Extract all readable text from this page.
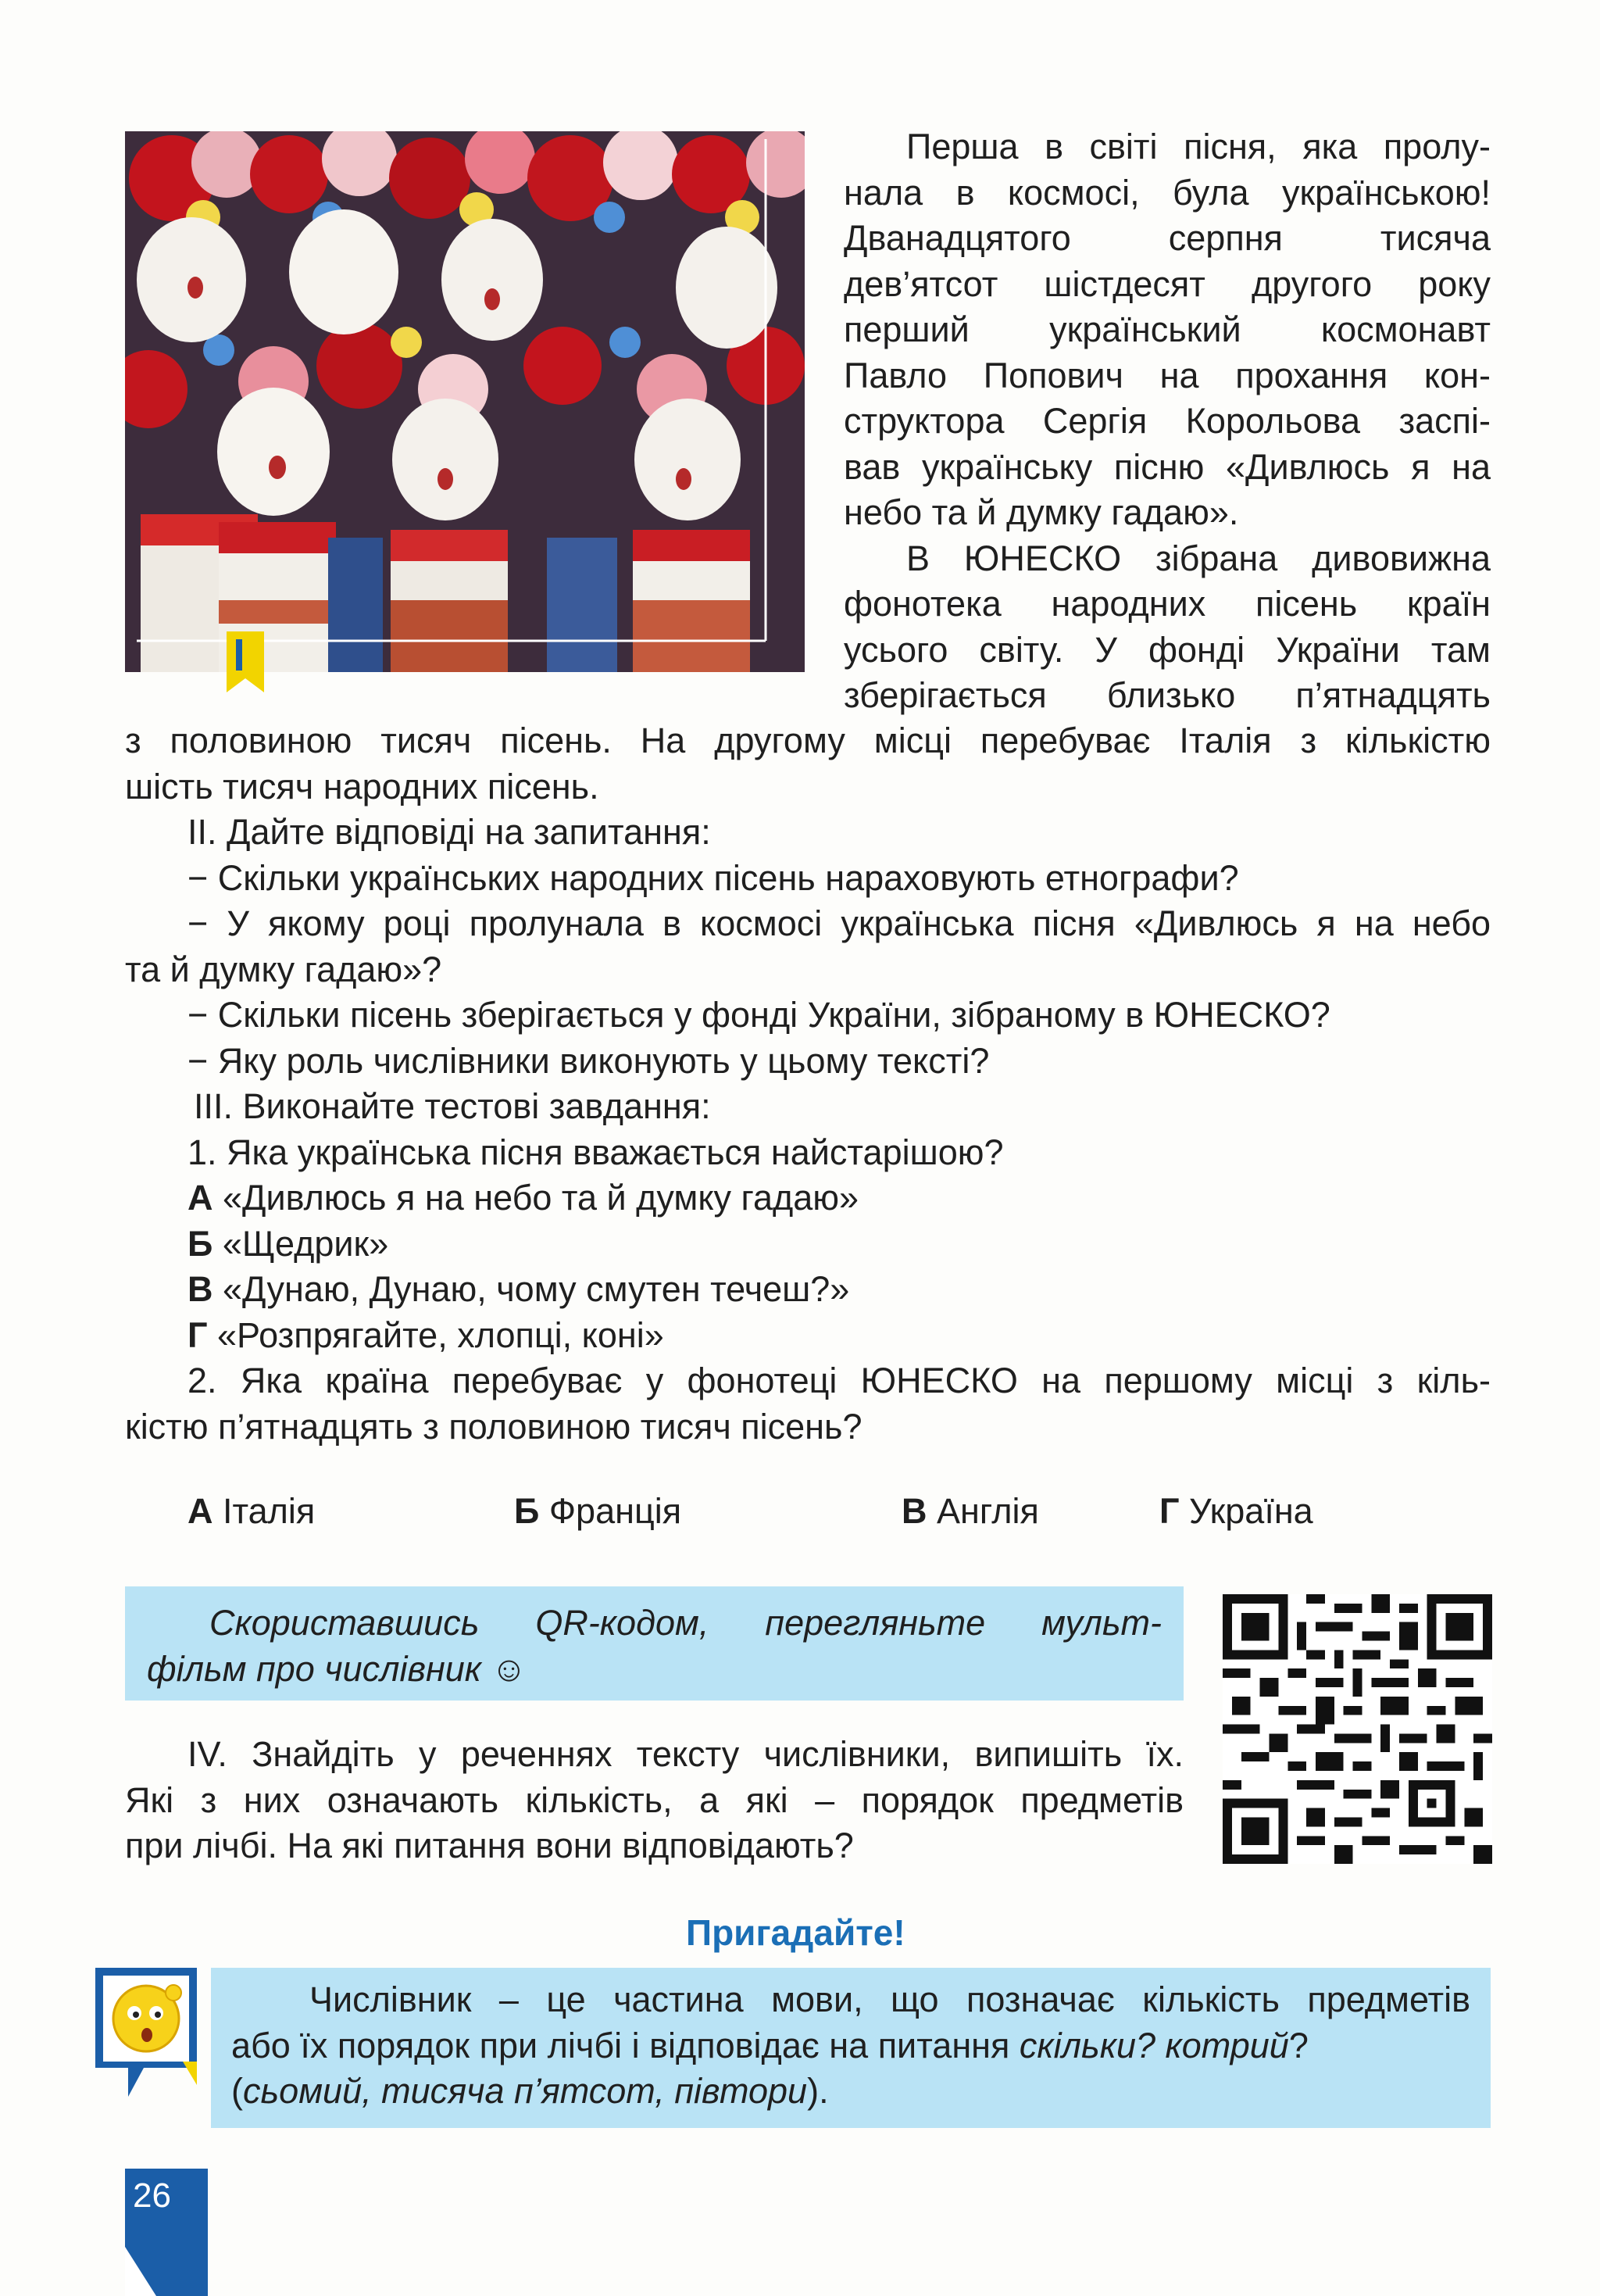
Перша в світі пісня, яка пролу-

нала в космосі, була українською!

Дванадцятого серпня тисяча

дев’ятсот шістдесят другого року

перший український космонавт

Павло Попович на прохання кон-

структора Сергія Корольова заспі-

вав українську пісню «Дивлюсь я на

небо та й думку гадаю».

В ЮНЕСКО зібрана дивовижна

фонотека народних пісень країн

усього світу. У фонді України там

зберігається близько п’ятнадцять

з половиною тисяч пісень. На другому місці перебуває Італія з кількістю

шість тисяч народних пісень.

II. Дайте відповіді на запитання:

− Скільки українських народних пісень нараховують етнографи?

− У якому році пролунала в космосі українська пісня «Дивлюсь я на небо

та й думку гадаю»?

− Скільки пісень зберігається у фонді України, зібраному в ЮНЕСКО?

− Яку роль числівники виконують у цьому тексті?

III. Виконайте тестові завдання:

1. Яка українська пісня вважається найстарішою?

А «Дивлюсь я на небо та й думку гадаю»

Б «Щедрик»

В «Дунаю, Дунаю, чому смутен течеш?»

Г «Розпрягайте, хлопці, коні»

2. Яка країна перебуває у фонотеці ЮНЕСКО на першому місці з кіль-

кістю п’ятнадцять з половиною тисяч пісень?

А Італія	Б Франція	В Англія	Г Україна

Скориставшись QR-кодом, перегляньте мульт-

фільм про числівник ☺

IV. Знайдіть у реченнях тексту числівники, випишіть їх.

Які з них означають кількість, а які – порядок предметів

при лічбі. На які питання вони відповідають?

Пригадайте!

Числівник – це частина мови, що позначає кількість предметів

або їх порядок при лічбі і відповідає на питання скільки? котрий?

(сьомий, тисяча п’ятсот, півтори).

26
